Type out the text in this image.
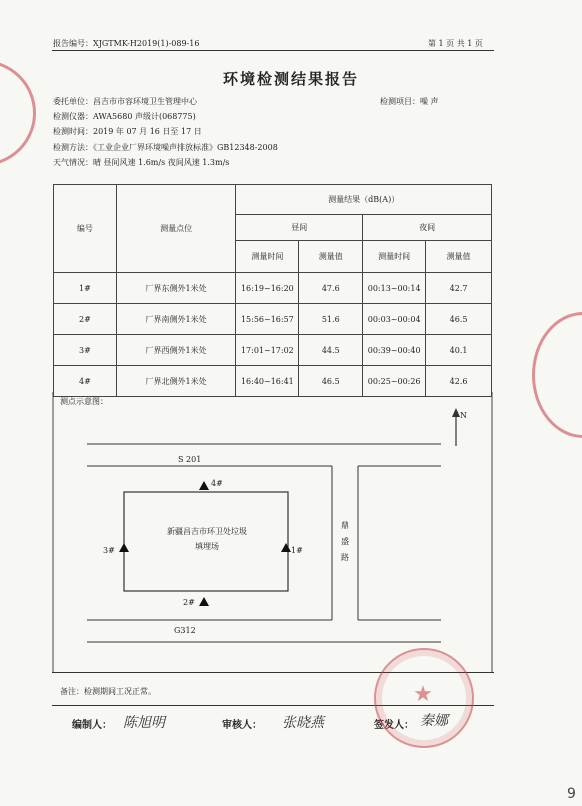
报告编号：XJGTMK-H2019(1)-089-16	第 1 页 共 1 页
环境检测结果报告
委托单位：昌吉市市容环境卫生管理中心	检测项目：噪 声
检测仪器：AWA5680 声级计(068775)
检测时间：2019 年 07 月 16 日至 17 日
检测方法：《工业企业厂界环境噪声排放标准》GB12348-2008
天气情况：晴 昼间风速 1.6m/s 夜间风速 1.3m/s
编号	测量点位	测量结果（dB(A)）			
		昼间		夜间	
		测量时间	测量值	测量时间	测量值
1#	厂界东侧外1米处	16:19~16:20	47.6	00:13~00:14	42.7
2#	厂界南侧外1米处	15:56~16:57	51.6	00:03~00:04	46.5
3#	厂界西侧外1米处	17:01~17:02	44.5	00:39~00:40	40.1
4#	厂界北侧外1米处	16:40~16:41	46.5	00:25~00:26	42.6
测点示意图：
N
S 201
G312
鼎盛路
新疆昌吉市环卫处垃圾
填埋场
4#
2#
3#	1#
备注：检测期间工况正常。
编制人： 陈旭明	审核人： 张晓燕	签发人： 秦娜
★
9
